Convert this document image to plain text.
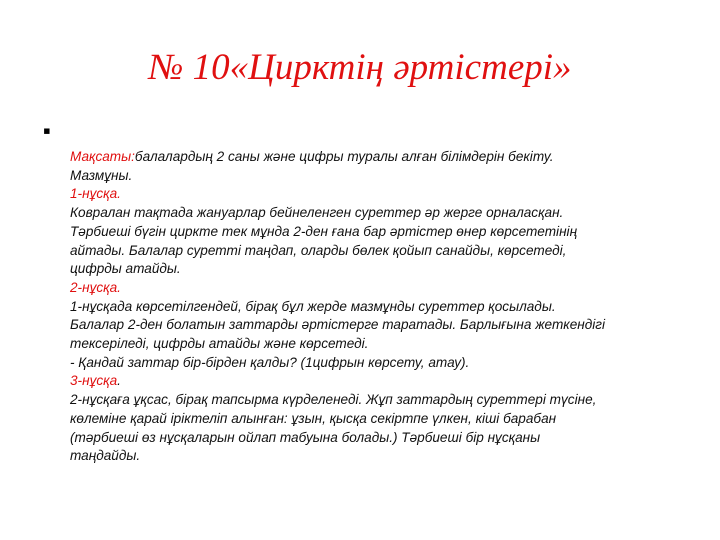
№ 10«Цирктің әртістері»
▪
Мақсаты:балалардың 2 саны және цифры туралы алған білімдерін бекіту.
Мазмұны.
1-нұсқа.
Ковралан тақтада жануарлар бейнеленген суреттер әр жерге орналасқан.
Тәрбиеші бүгін циркте тек мұнда 2-ден ғана бар әртістер өнер көрсететінің
айтады. Балалар суретті таңдап, оларды бөлек қойып санайды, көрсетеді,
цифрды атайды.
2-нұсқа.
1-нұсқада көрсетілгендей, бірақ бұл жерде мазмұнды суреттер қосылады.
Балалар 2-ден болатын заттарды әртістерге таратады. Барлығына жеткендігі
тексеріледі, цифрды атайды және көрсетеді.
- Қандай заттар бір-бірден қалды? (1цифрын көрсету, атау).
3-нұсқа.
2-нұсқаға ұқсас, бірақ тапсырма күрделенеді. Жұп заттардың суреттері түсіне,
көлеміне қарай іріктеліп алынған: ұзын, қысқа секіртпе үлкен, кіші барабан
(тәрбиеші өз нұсқаларын ойлап табуына болады.) Тәрбиеші бір нұсқаны
таңдайды.
